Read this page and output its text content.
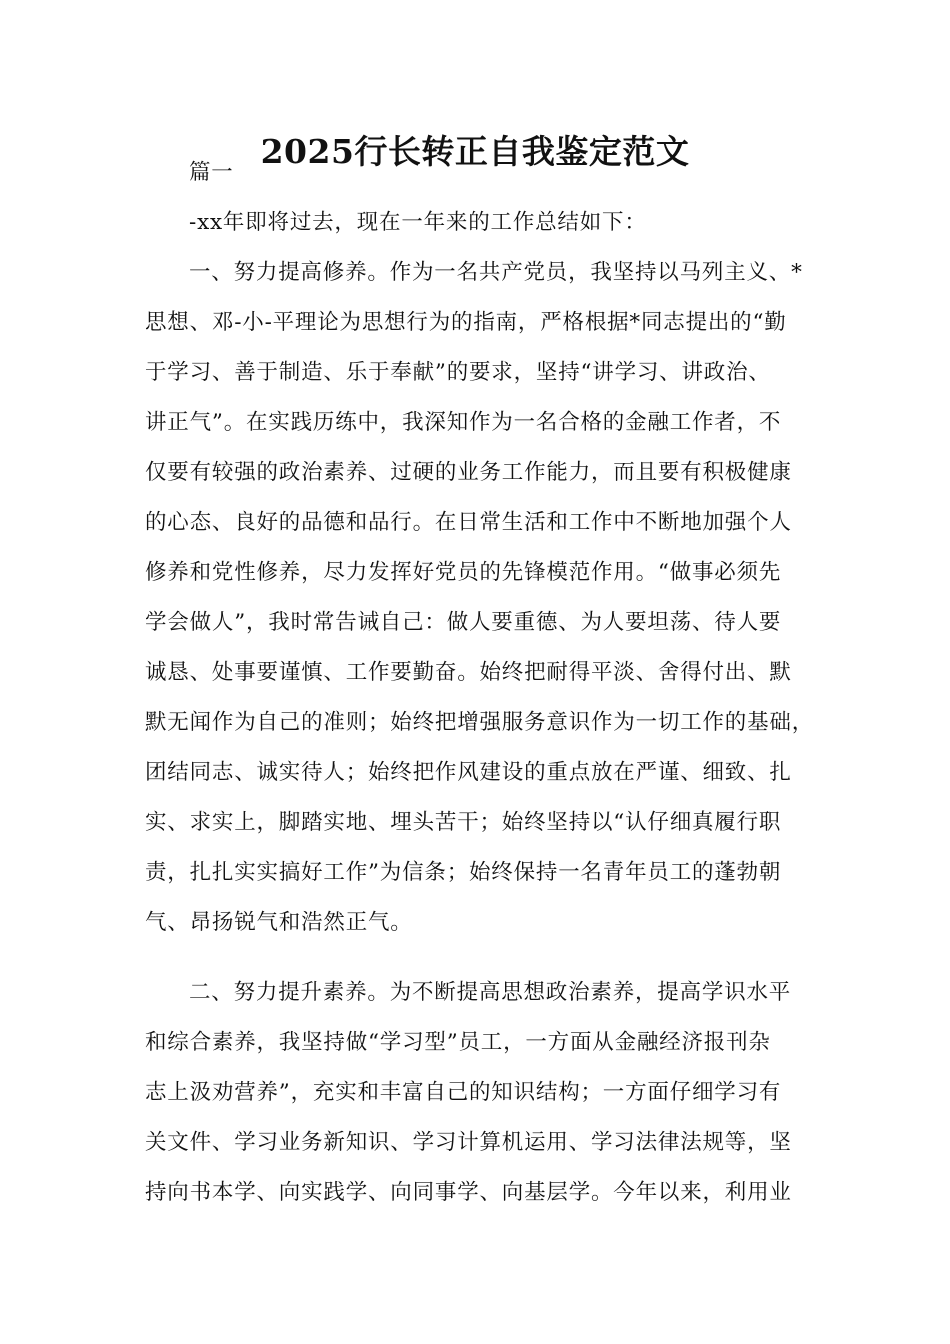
2025行长转正自我鉴定范文
篇一
-xx年即将过去，现在一年来的工作总结如下：
一、努力提高修养。作为一名共产党员，我坚持以马列主义、*
思想、邓-小-平理论为思想行为的指南，严格根据*同志提出的“勤
于学习、善于制造、乐于奉献”的要求，坚持“讲学习、讲政治、
讲正气”。在实践历练中，我深知作为一名合格的金融工作者，不
仅要有较强的政治素养、过硬的业务工作能力，而且要有积极健康
的心态、良好的品德和品行。在日常生活和工作中不断地加强个人
修养和党性修养，尽力发挥好党员的先锋模范作用。“做事必须先
学会做人”，我时常告诫自己：做人要重德、为人要坦荡、待人要
诚恳、处事要谨慎、工作要勤奋。始终把耐得平淡、舍得付出、默
默无闻作为自己的准则；始终把增强服务意识作为一切工作的基础，
团结同志、诚实待人；始终把作风建设的重点放在严谨、细致、扎
实、求实上，脚踏实地、埋头苦干；始终坚持以“认仔细真履行职
责，扎扎实实搞好工作”为信条；始终保持一名青年员工的蓬勃朝
气、昂扬锐气和浩然正气。
二、努力提升素养。为不断提高思想政治素养，提高学识水平
和综合素养，我坚持做“学习型”员工，一方面从金融经济报刊杂
志上汲劝营养”，充实和丰富自己的知识结构；一方面仔细学习有
关文件、学习业务新知识、学习计算机运用、学习法律法规等，坚
持向书本学、向实践学、向同事学、向基层学。今年以来，利用业
